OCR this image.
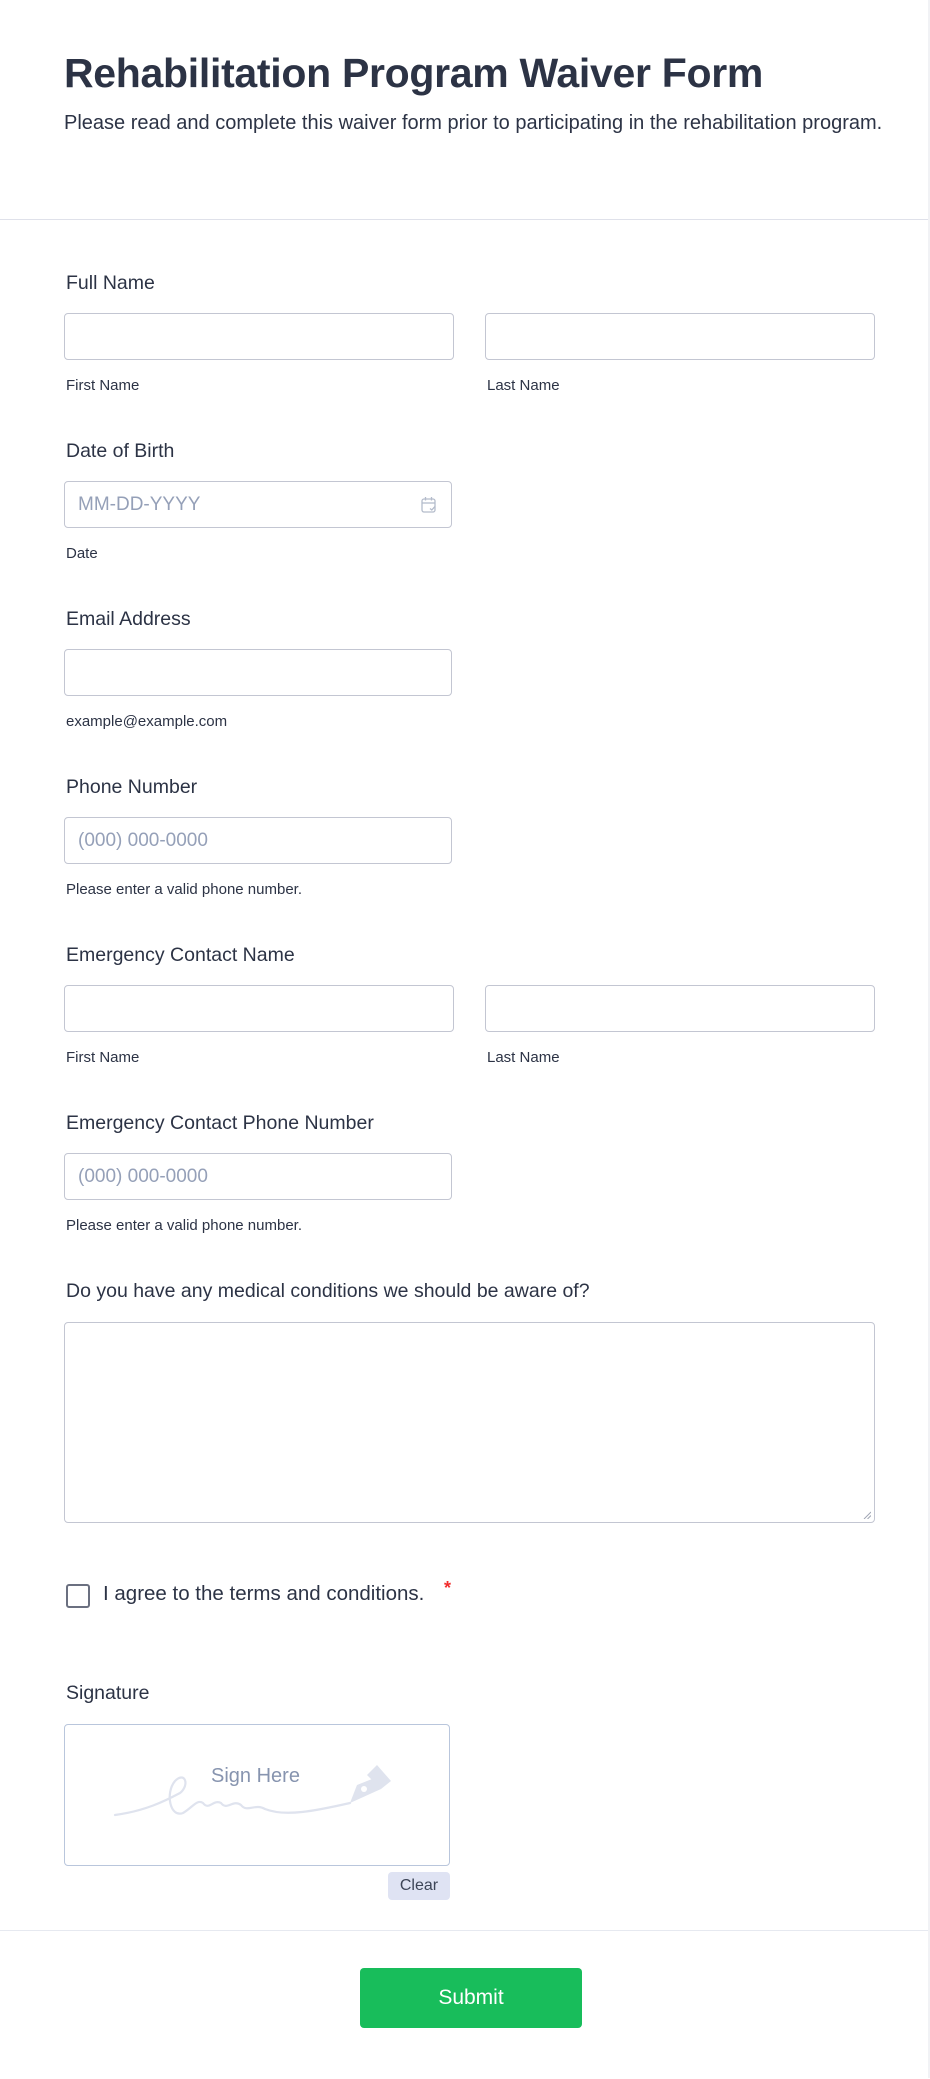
Rehabilitation Program Waiver Form
Please read and complete this waiver form prior to participating in the rehabilitation program.
Full Name
First Name	Last Name
Date of Birth
MM-DD-YYYY
Date
Email Address
example@example.com
Phone Number
(000) 000-0000
Please enter a valid phone number.
Emergency Contact Name
First Name	Last Name
Emergency Contact Phone Number
(000) 000-0000
Please enter a valid phone number.
Do you have any medical conditions we should be aware of?
I agree to the terms and conditions. *
Signature
Sign Here
Clear
Submit
